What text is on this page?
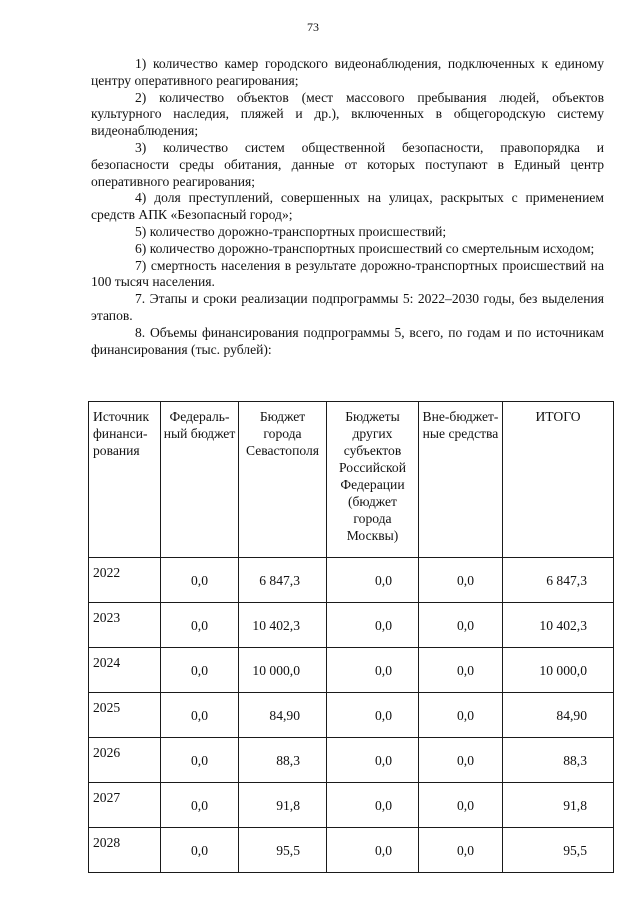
73

1) количество камер городского видеонаблюдения, подключенных к единому центру оперативного реагирования;

2) количество объектов (мест массового пребывания людей, объектов культурного наследия, пляжей и др.), включенных в общегородскую систему видеонаблюдения;

3) количество систем общественной безопасности, правопорядка и безопасности среды обитания, данные от которых поступают в Единый центр оперативного реагирования;

4) доля преступлений, совершенных на улицах, раскрытых с применением средств АПК «Безопасный город»;

5) количество дорожно-транспортных происшествий;

6) количество дорожно-транспортных происшествий со смертельным исходом;

7) смертность населения в результате дорожно-транспортных происшествий на 100 тысяч населения.

7. Этапы и сроки реализации подпрограммы 5: 2022–2030 годы, без выделения этапов.

8. Объемы финансирования подпрограммы 5, всего, по годам и по источникам финансирования (тыс. рублей):

Источник финанси-рования	Федераль-ный бюджет	Бюджет города Севастополя	Бюджеты других субъектов Российской Федерации (бюджет города Москвы)	Вне-бюджет-ные средства	ИТОГО
2022	0,0	6 847,3	0,0	0,0	6 847,3
2023	0,0	10 402,3	0,0	0,0	10 402,3
2024	0,0	10 000,0	0,0	0,0	10 000,0
2025	0,0	84,90	0,0	0,0	84,90
2026	0,0	88,3	0,0	0,0	88,3
2027	0,0	91,8	0,0	0,0	91,8
2028	0,0	95,5	0,0	0,0	95,5
